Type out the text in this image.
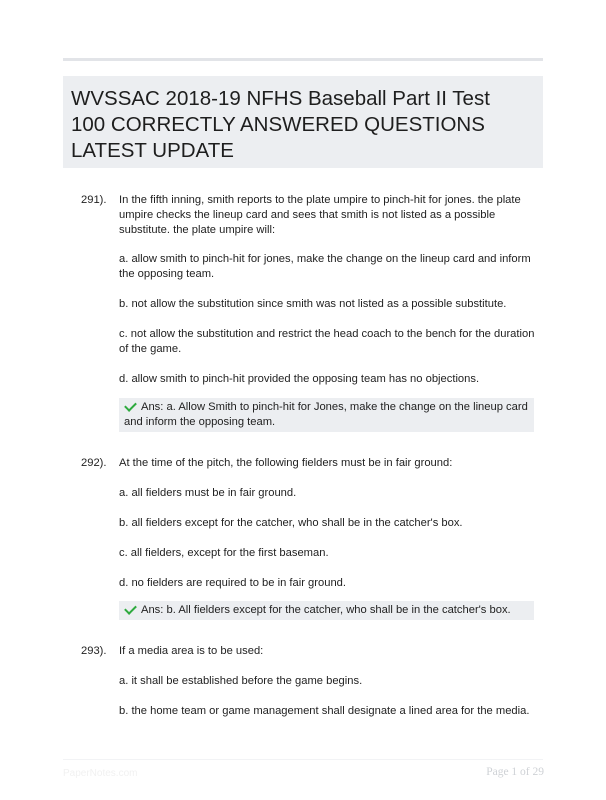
WVSSAC 2018-19 NFHS Baseball Part II Test
100 CORRECTLY ANSWERED QUESTIONS
LATEST UPDATE
291). In the fifth inning, smith reports to the plate umpire to pinch-hit for jones. the plate umpire checks the lineup card and sees that smith is not listed as a possible substitute. the plate umpire will:
a. allow smith to pinch-hit for jones, make the change on the lineup card and inform the opposing team.
b. not allow the substitution since smith was not listed as a possible substitute.
c. not allow the substitution and restrict the head coach to the bench for the duration of the game.
d. allow smith to pinch-hit provided the opposing team has no objections.
Ans: a. Allow Smith to pinch-hit for Jones, make the change on the lineup card and inform the opposing team.
292). At the time of the pitch, the following fielders must be in fair ground:
a. all fielders must be in fair ground.
b. all fielders except for the catcher, who shall be in the catcher's box.
c. all fielders, except for the first baseman.
d. no fielders are required to be in fair ground.
Ans: b. All fielders except for the catcher, who shall be in the catcher's box.
293). If a media area is to be used:
a. it shall be established before the game begins.
b. the home team or game management shall designate a lined area for the media.
PaperNotes.com	Page 1 of 29
